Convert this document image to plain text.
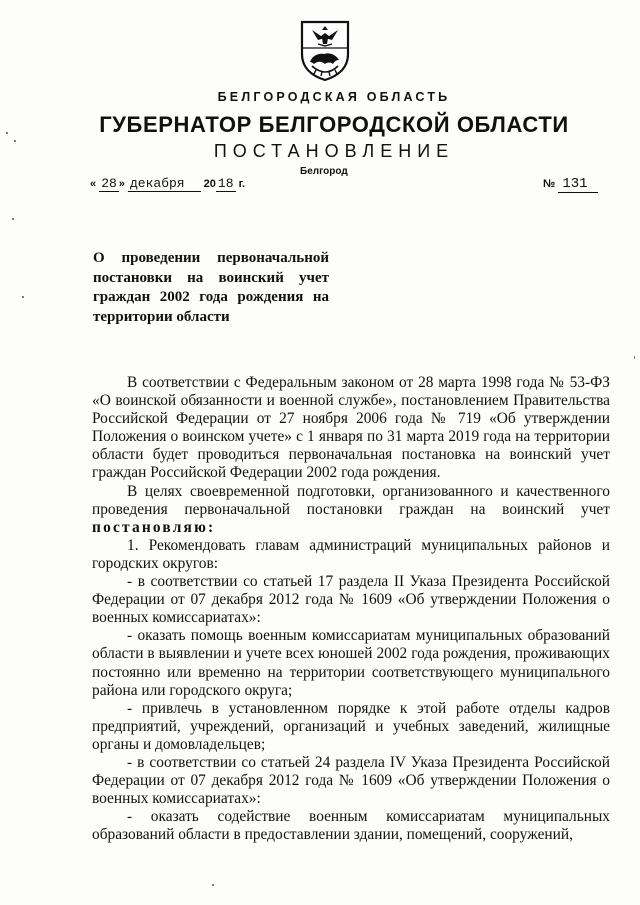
БЕЛГОРОДСКАЯ ОБЛАСТЬ
ГУБЕРНАТОР БЕЛГОРОДСКОЙ ОБЛАСТИ
ПОСТАНОВЛЕНИЕ
Белгород
« 28 » декабря 20 18 г.	№ 131
О проведении первоначальной постановки на воинский учет граждан 2002 года рождения на территории области

В соответствии с Федеральным законом от 28 марта 1998 года № 53-ФЗ «О воинской обязанности и военной службе», постановлением Правительства Российской Федерации от 27 ноября 2006 года № 719 «Об утверждении Положения о воинском учете» с 1 января по 31 марта 2019 года на территории области будет проводиться первоначальная постановка на воинский учет граждан Российской Федерации 2002 года рождения.

В целях своевременной подготовки, организованного и качественного проведения первоначальной постановки граждан на воинский учет постановляю:

1. Рекомендовать главам администраций муниципальных районов и городских округов:

- в соответствии со статьей 17 раздела II Указа Президента Российской Федерации от 07 декабря 2012 года № 1609 «Об утверждении Положения о военных комиссариатах»:

- оказать помощь военным комиссариатам муниципальных образований области в выявлении и учете всех юношей 2002 года рождения, проживающих постоянно или временно на территории соответствующего муниципального района или городского округа;

- привлечь в установленном порядке к этой работе отделы кадров предприятий, учреждений, организаций и учебных заведений, жилищные органы и домовладельцев;

- в соответствии со статьей 24 раздела IV Указа Президента Российской Федерации от 07 декабря 2012 года № 1609 «Об утверждении Положения о военных комиссариатах»:

- оказать содействие военным комиссариатам муниципальных образований области в предоставлении здании, помещений, сооружений,
